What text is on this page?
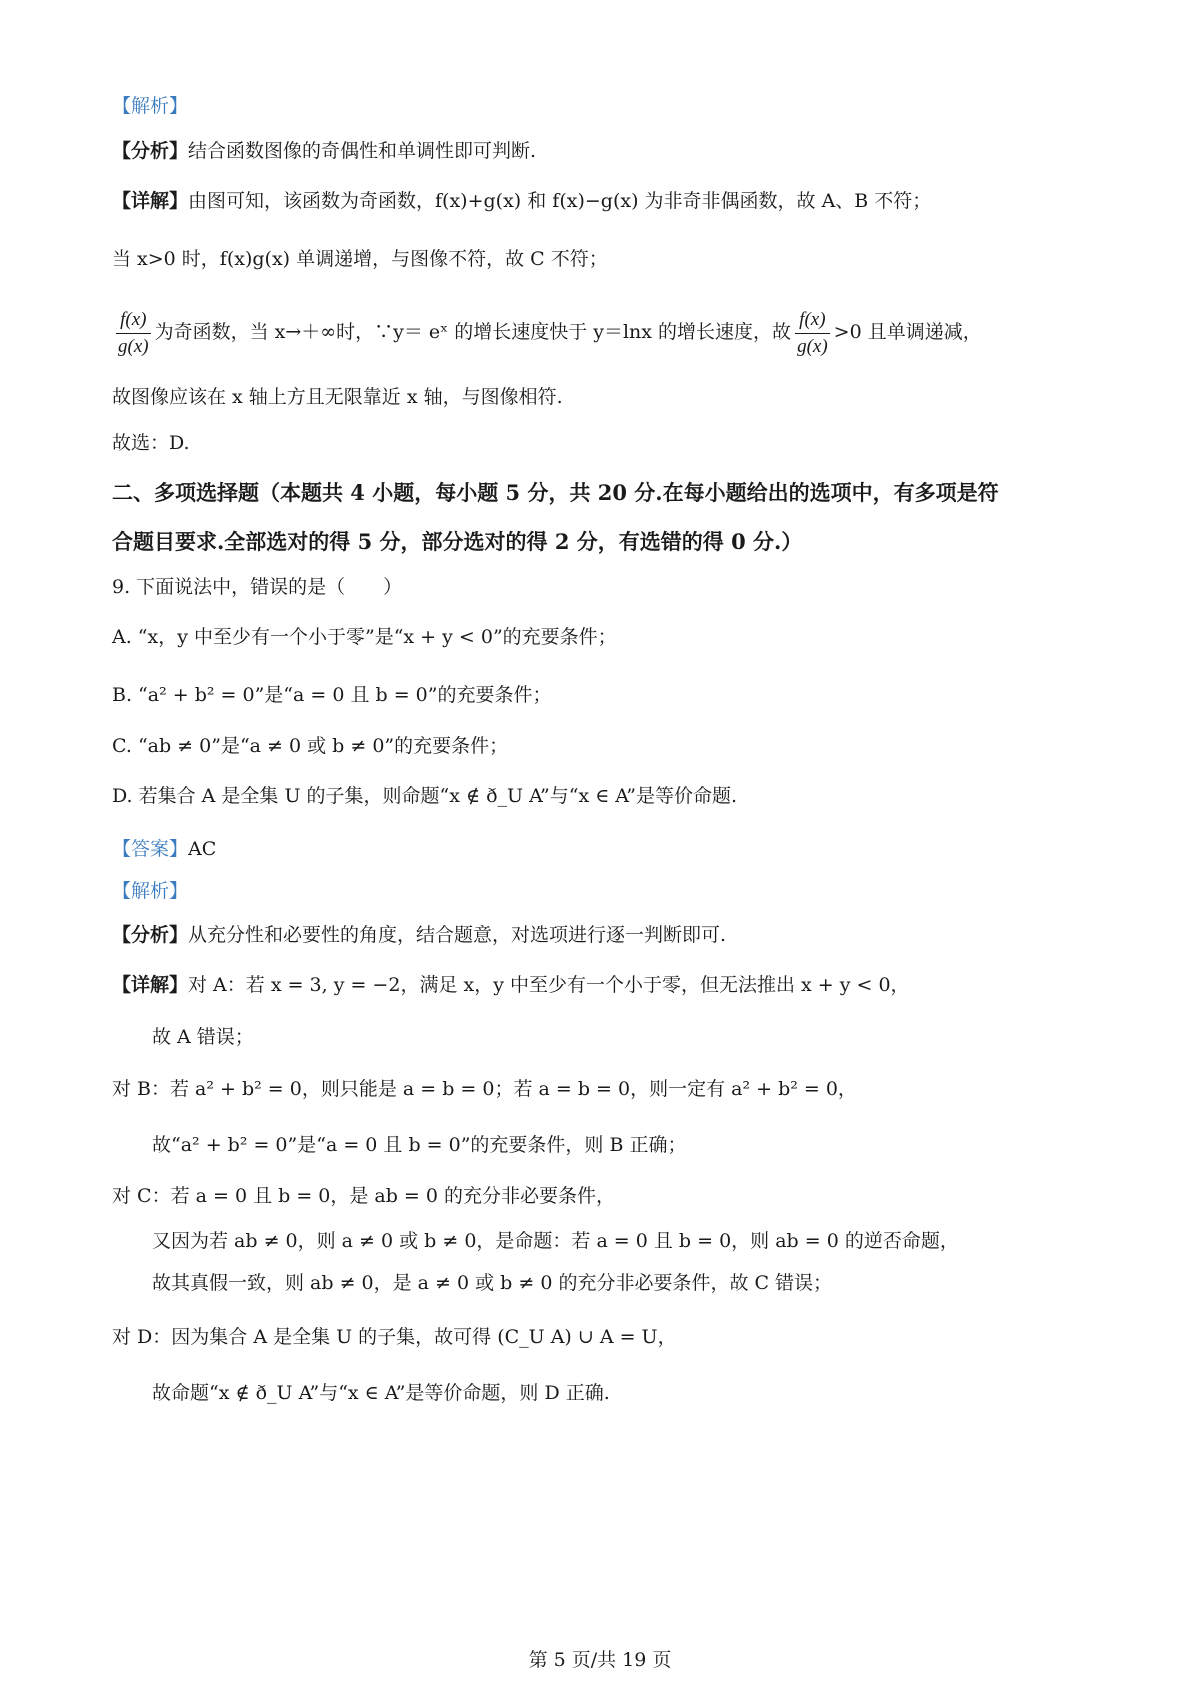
【解析】
【分析】结合函数图像的奇偶性和单调性即可判断.
【详解】由图可知，该函数为奇函数，f(x)+g(x) 和 f(x)−g(x) 为非奇非偶函数，故 A、B 不符；
当 x>0 时，f(x)g(x) 单调递增，与图像不符，故 C 不符；
$\frac{f(x)}{g(x)}$ 为奇函数，当 x→＋∞时，∵y＝ eˣ 的增长速度快于 y＝lnx 的增长速度，故 $\frac{f(x)}{g(x)} >0$ 且单调递减，
故图像应该在 x 轴上方且无限靠近 x 轴，与图像相符.
故选：D.
二、多项选择题（本题共 4 小题，每小题 5 分，共 20 分.在每小题给出的选项中，有多项是符
合题目要求.全部选对的得 5 分，部分选对的得 2 分，有选错的得 0 分.）
9. 下面说法中，错误的是（　　）
A. “x，y 中至少有一个小于零”是“x + y < 0”的充要条件；
B. “a² + b² = 0”是“a = 0 且 b = 0”的充要条件；
C. “ab ≠ 0”是“a ≠ 0 或 b ≠ 0”的充要条件；
D. 若集合 A 是全集 U 的子集，则命题“x ∉ ð_U A”与“x ∈ A”是等价命题.
【答案】AC
【解析】
【分析】从充分性和必要性的角度，结合题意，对选项进行逐一判断即可.
【详解】对 A：若 x = 3, y = −2，满足 x，y 中至少有一个小于零，但无法推出 x + y < 0，
故 A 错误；
对 B：若 a² + b² = 0，则只能是 a = b = 0；若 a = b = 0，则一定有 a² + b² = 0，
故“a² + b² = 0”是“a = 0 且 b = 0”的充要条件，则 B 正确；
对 C：若 a = 0 且 b = 0，是 ab = 0 的充分非必要条件，
又因为若 ab ≠ 0，则 a ≠ 0 或 b ≠ 0，是命题：若 a = 0 且 b = 0，则 ab = 0 的逆否命题，
故其真假一致，则 ab ≠ 0，是 a ≠ 0 或 b ≠ 0 的充分非必要条件，故 C 错误；
对 D：因为集合 A 是全集 U 的子集，故可得 (C_U A) ∪ A = U，
故命题“x ∉ ð_U A”与“x ∈ A”是等价命题，则 D 正确.
第 5 页/共 19 页
